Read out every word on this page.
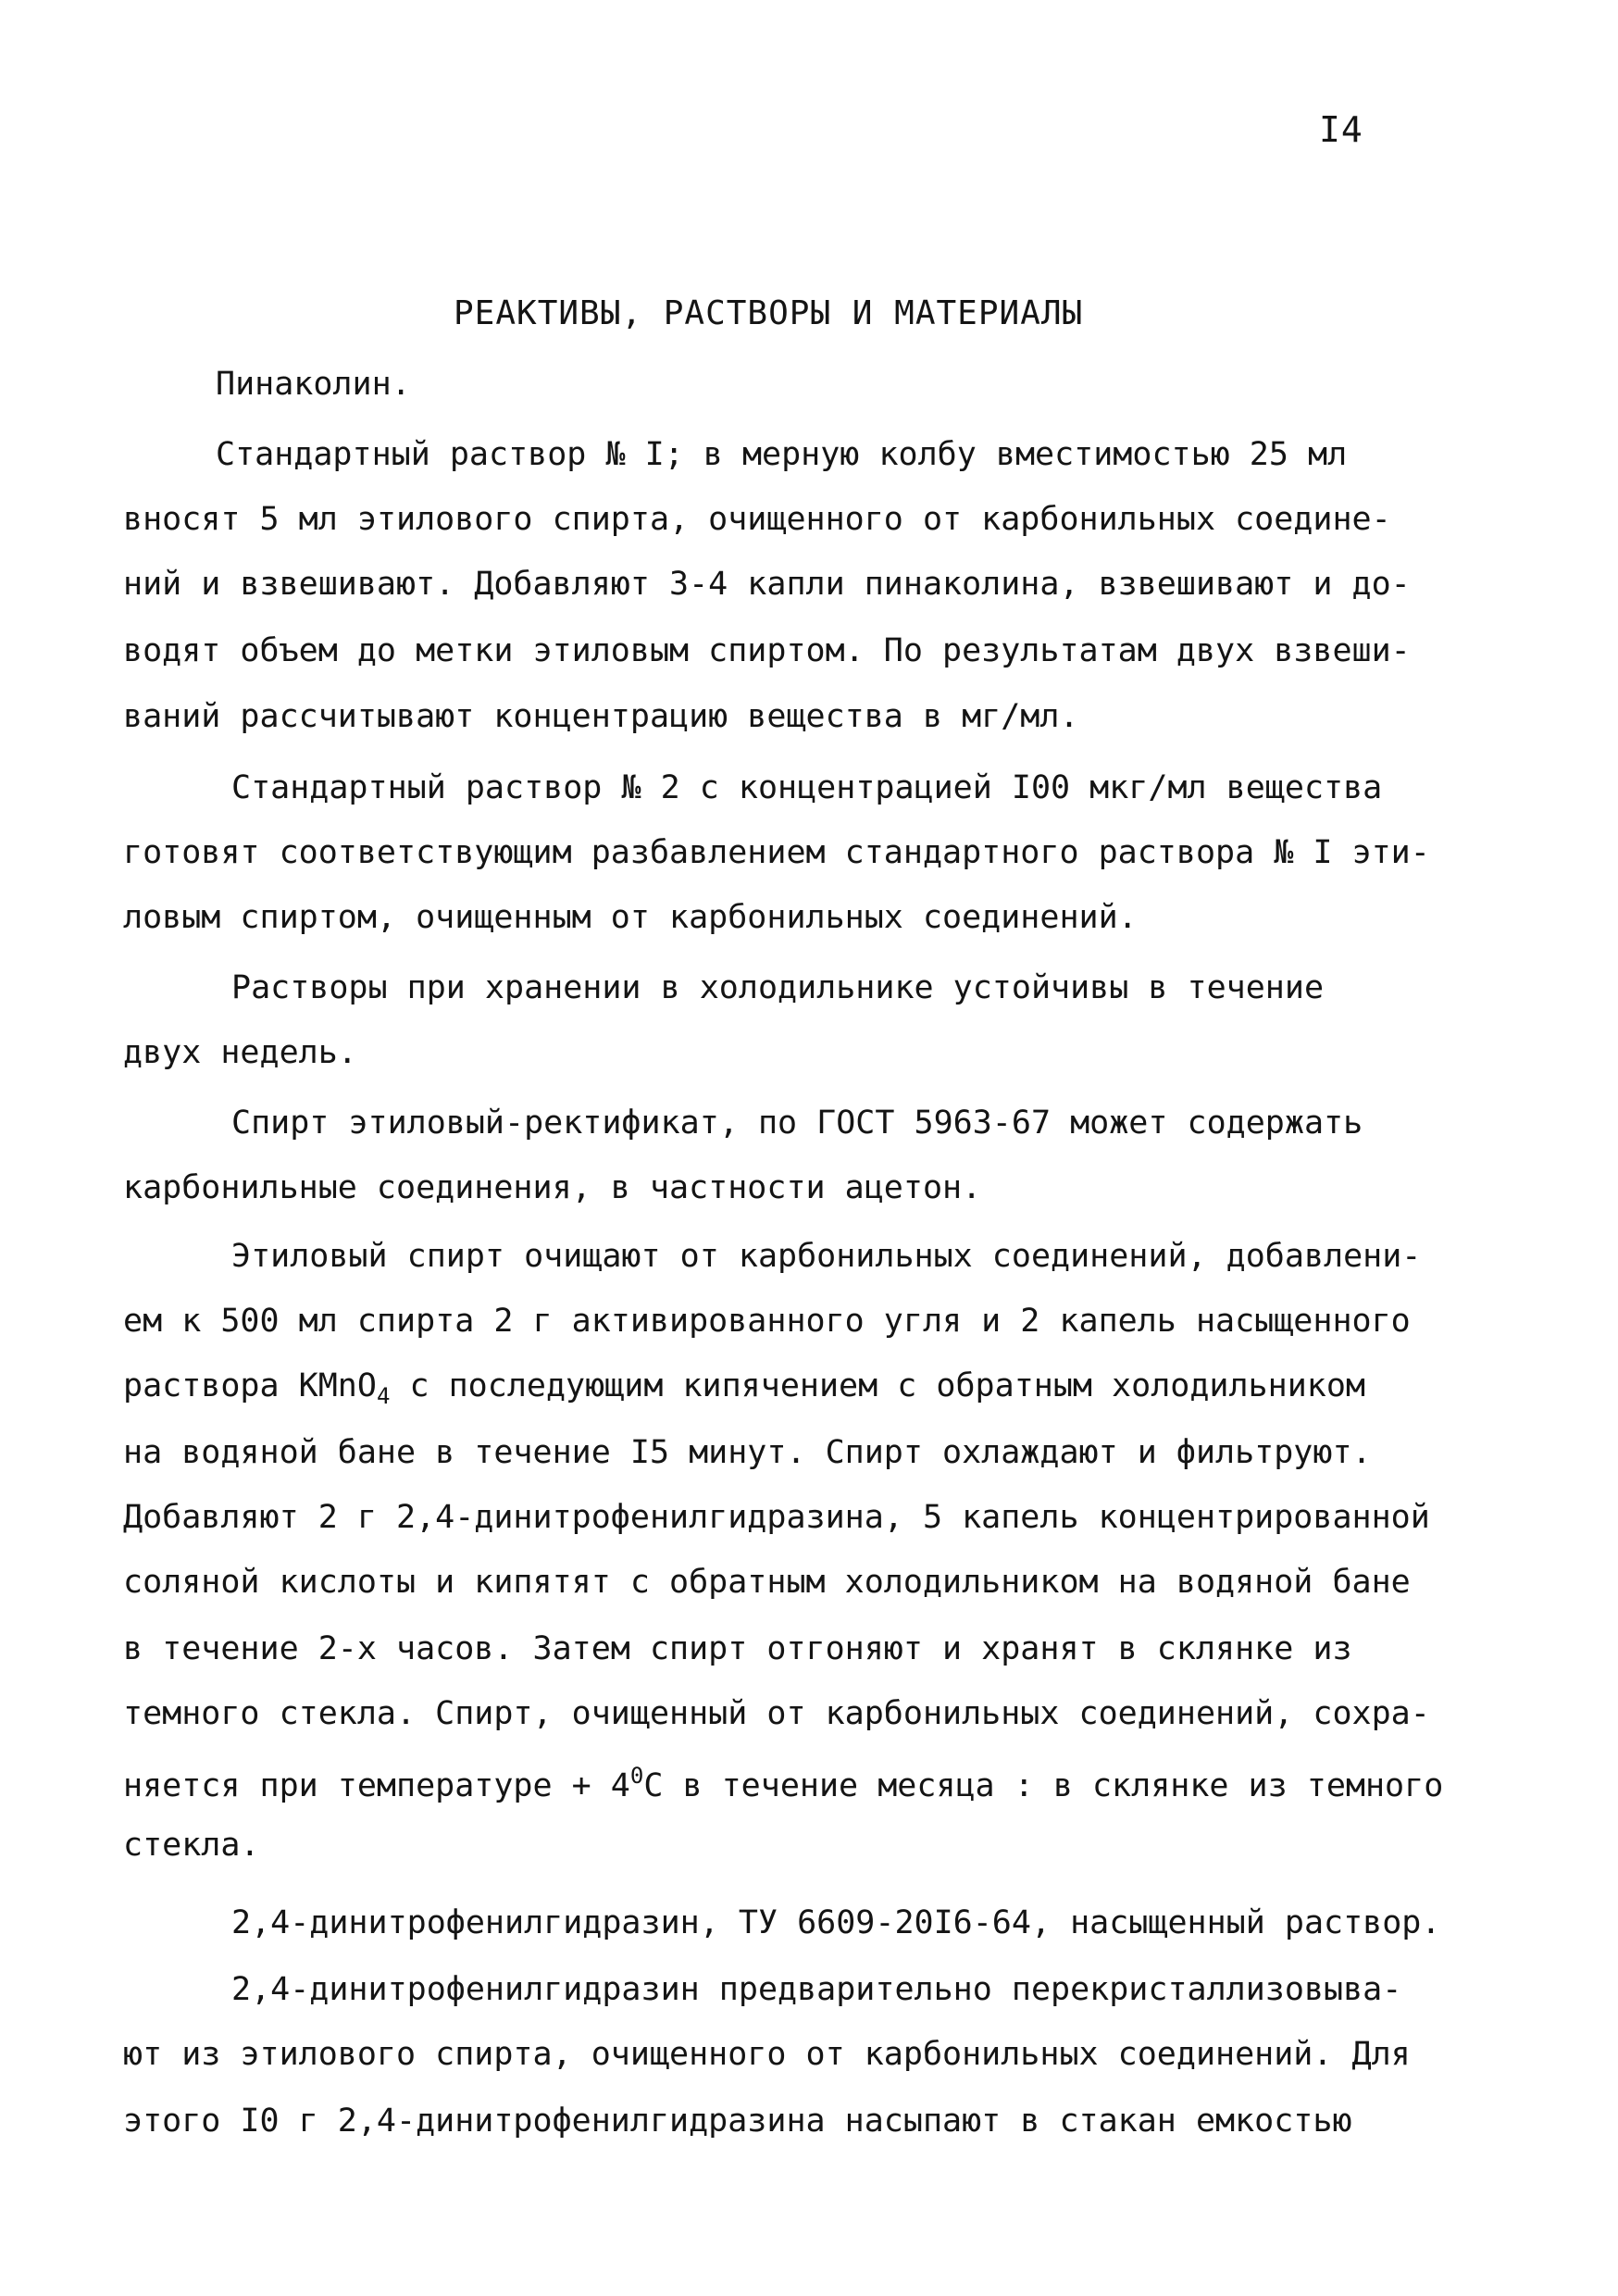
I4
РЕАКТИВЫ, РАСТВОРЫ И МАТЕРИАЛЫ
Пинаколин.
Стандартный раствор № I; в мерную колбу вместимостью 25 мл
вносят 5 мл этилового спирта, очищенного от карбонильных соедине-
ний и взвешивают. Добавляют 3-4 капли пинаколина, взвешивают и до-
водят объем до метки этиловым спиртом. По результатам двух взвеши-
ваний рассчитывают концентрацию вещества в мг/мл.
Стандартный раствор № 2 с концентрацией I00 мкг/мл вещества
готовят соответствующим разбавлением стандартного раствора № I эти-
ловым спиртом, очищенным от карбонильных соединений.
Растворы при хранении в холодильнике устойчивы в течение
двух недель.
Спирт этиловый-ректификат, по ГОСТ 5963-67 может содержать
карбонильные соединения, в частности ацетон.
Этиловый спирт очищают от карбонильных соединений, добавлени-
ем к 500 мл спирта 2 г активированного угля и 2 капель насыщенного
раствора KMnO$_4$ с последующим кипячением с обратным холодильником
на водяной бане в течение I5 минут. Спирт охлаждают и фильтруют.
Добавляют 2 г 2,4-динитрофенилгидразина, 5 капель концентрированной
соляной кислоты и кипятят с обратным холодильником на водяной бане
в течение 2-х часов. Затем спирт отгоняют и хранят в склянке из
темного стекла. Спирт, очищенный от карбонильных соединений, сохра-
няется при температуре + $4^0C$ в течение месяца : в склянке из темного
стекла.
2,4-динитрофенилгидразин, ТУ 6609-20I6-64, насыщенный раствор.
2,4-динитрофенилгидразин предварительно перекристаллизовыва-
ют из этилового спирта, очищенного от карбонильных соединений. Для
этого I0 г 2,4-динитрофенилгидразина насыпают в стакан емкостью
